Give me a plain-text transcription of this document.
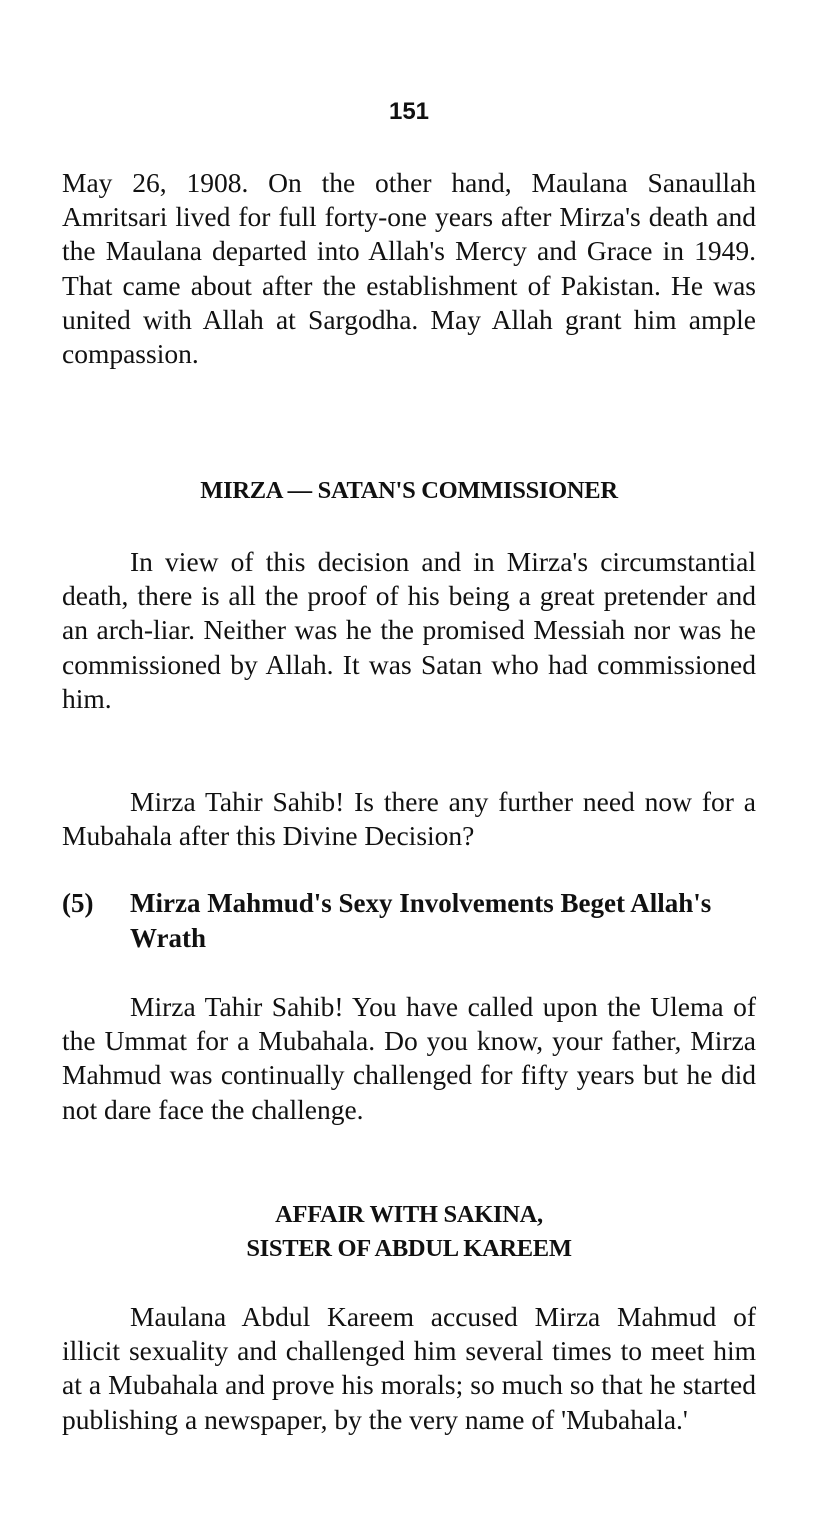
151

May 26, 1908. On the other hand, Maulana Sanaullah Amritsari lived for full forty-one years after Mirza's death and the Maulana departed into Allah's Mercy and Grace in 1949. That came about after the establishment of Pakistan. He was united with Allah at Sargodha. May Allah grant him ample compassion.

MIRZA — SATAN'S COMMISSIONER

In view of this decision and in Mirza's circumstantial death, there is all the proof of his being a great pretender and an arch-liar. Neither was he the promised Messiah nor was he commissioned by Allah. It was Satan who had commissioned him.

Mirza Tahir Sahib! Is there any further need now for a Mubahala after this Divine Decision?

(5)	Mirza Mahmud's Sexy Involvements Beget Allah's Wrath

Mirza Tahir Sahib! You have called upon the Ulema of the Ummat for a Mubahala. Do you know, your father, Mirza Mahmud was continually challenged for fifty years but he did not dare face the challenge.

AFFAIR WITH SAKINA,
SISTER OF ABDUL KAREEM

Maulana Abdul Kareem accused Mirza Mahmud of illicit sexuality and challenged him several times to meet him at a Mubahala and prove his morals; so much so that he started publishing a newspaper, by the very name of 'Mubahala.'
